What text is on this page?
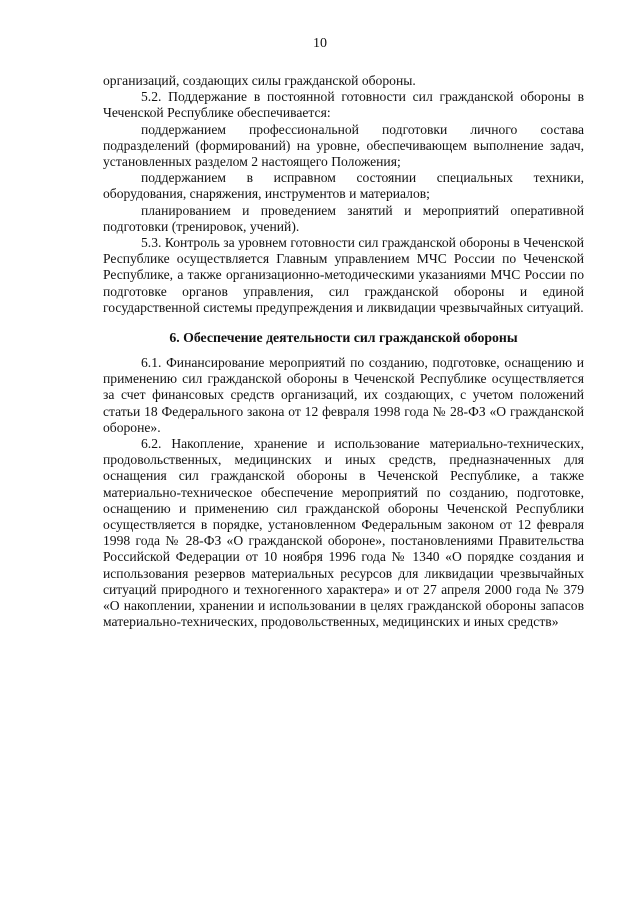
10

организаций, создающих силы гражданской обороны.

5.2. Поддержание в постоянной готовности сил гражданской обороны в Чеченской Республике обеспечивается:

поддержанием профессиональной подготовки личного состава подразделений (формирований) на уровне, обеспечивающем выполнение задач, установленных разделом 2 настоящего Положения;

поддержанием в исправном состоянии специальных техники, оборудования, снаряжения, инструментов и материалов;

планированием и проведением занятий и мероприятий оперативной подготовки (тренировок, учений).

5.3. Контроль за уровнем готовности сил гражданской обороны в Чеченской Республике осуществляется Главным управлением МЧС России по Чеченской Республике, а также организационно-методическими указаниями МЧС России по подготовке органов управления, сил гражданской обороны и единой государственной системы предупреждения и ликвидации чрезвычайных ситуаций.

6. Обеспечение деятельности сил гражданской обороны

6.1. Финансирование мероприятий по созданию, подготовке, оснащению и применению сил гражданской обороны в Чеченской Республике осуществляется за счет финансовых средств организаций, их создающих, с учетом положений статьи 18 Федерального закона от 12 февраля 1998 года № 28-ФЗ «О гражданской обороне».

6.2. Накопление, хранение и использование материально-технических, продовольственных, медицинских и иных средств, предназначенных для оснащения сил гражданской обороны в Чеченской Республике, а также материально-техническое обеспечение мероприятий по созданию, подготовке, оснащению и применению сил гражданской обороны Чеченской Республики осуществляется в порядке, установленном Федеральным законом от 12 февраля 1998 года № 28-ФЗ «О гражданской обороне», постановлениями Правительства Российской Федерации от 10 ноября 1996 года № 1340 «О порядке создания и использования резервов материальных ресурсов для ликвидации чрезвычайных ситуаций природного и техногенного характера» и от 27 апреля 2000 года № 379 «О накоплении, хранении и использовании в целях гражданской обороны запасов материально-технических, продовольственных, медицинских и иных средств»
